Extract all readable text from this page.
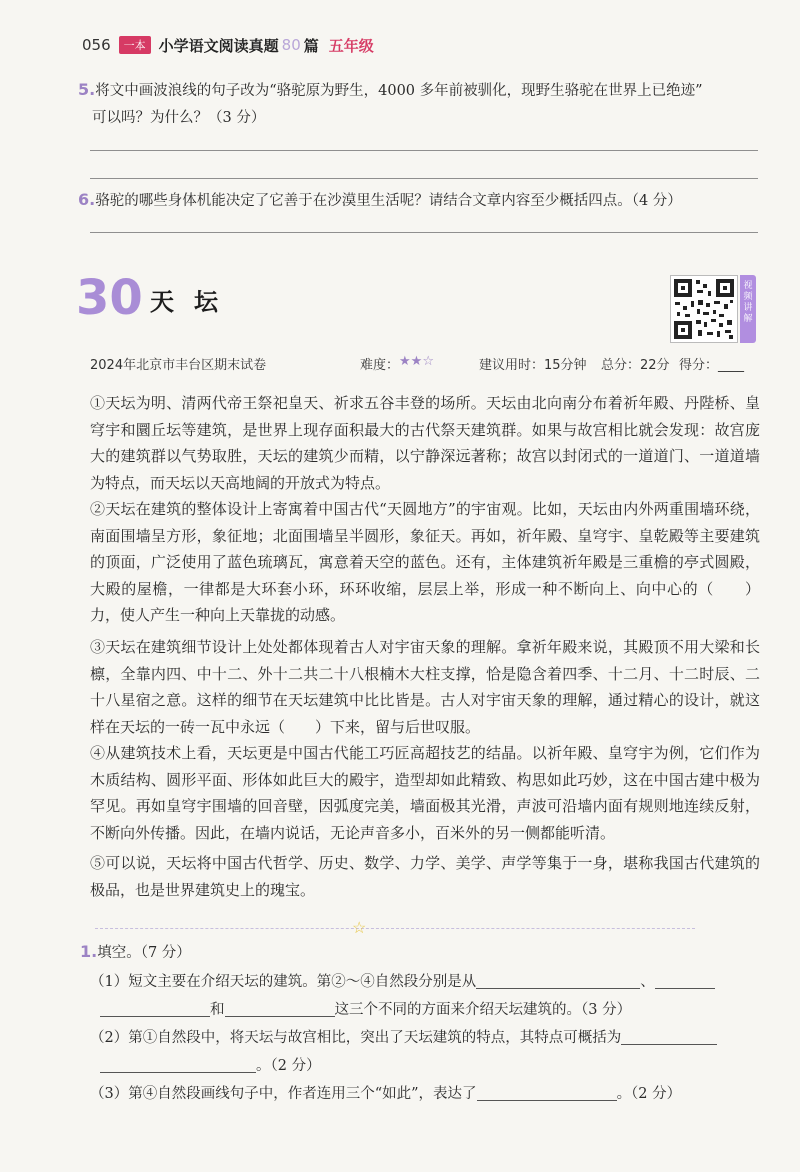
056	一本 小学语文阅读真题 80 篇 五年级
5.将文中画波浪线的句子改为“骆驼原为野生，4000 多年前被驯化，现野生骆驼在世界上已绝迹”
可以吗？为什么？（3 分）
6.骆驼的哪些身体机能决定了它善于在沙漠里生活呢？请结合文章内容至少概括四点。（4 分）
30 天坛
视频讲解
2024年北京市丰台区期末试卷	难度： ★★☆	建议用时：15分钟	总分：22分 得分：____
①天坛为明、清两代帝王祭祀皇天、祈求五谷丰登的场所。天坛由北向南分布着祈年殿、丹陛桥、皇穹宇和圜丘坛等建筑，是世界上现存面积最大的古代祭天建筑群。如果与故宫相比就会发现：故宫庞大的建筑群以气势取胜，天坛的建筑少而精，以宁静深远著称；故宫以封闭式的一道道门、一道道墙为特点，而天坛以天高地阔的开放式为特点。
②天坛在建筑的整体设计上寄寓着中国古代“天圆地方”的宇宙观。比如，天坛由内外两重围墙环绕，南面围墙呈方形，象征地；北面围墙呈半圆形，象征天。再如，祈年殿、皇穹宇、皇乾殿等主要建筑的顶面，广泛使用了蓝色琉璃瓦，寓意着天空的蓝色。还有，主体建筑祈年殿是三重檐的亭式圆殿，大殿的屋檐，一律都是大环套小环，环环收缩，层层上举，形成一种不断向上、向中心的（　　）力，使人产生一种向上天靠拢的动感。
③天坛在建筑细节设计上处处都体现着古人对宇宙天象的理解。拿祈年殿来说，其殿顶不用大梁和长檩，全靠内四、中十二、外十二共二十八根楠木大柱支撑，恰是隐含着四季、十二月、十二时辰、二十八星宿之意。这样的细节在天坛建筑中比比皆是。古人对宇宙天象的理解，通过精心的设计，就这样在天坛的一砖一瓦中永远（　　）下来，留与后世叹服。
④从建筑技术上看，天坛更是中国古代能工巧匠高超技艺的结晶。以祈年殿、皇穹宇为例，它们作为木质结构、圆形平面、形体如此巨大的殿宇，造型却如此精致、构思如此巧妙，这在中国古建中极为罕见。再如皇穹宇围墙的回音壁，因弧度完美，墙面极其光滑，声波可沿墙内面有规则地连续反射，不断向外传播。因此，在墙内说话，无论声音多小，百米外的另一侧都能听清。
⑤可以说，天坛将中国古代哲学、历史、数学、力学、美学、声学等集于一身，堪称我国古代建筑的极品，也是世界建筑史上的瑰宝。
☆
1.填空。（7 分）
（1）短文主要在介绍天坛的建筑。第②～④自然段分别是从	、
和	这三个不同的方面来介绍天坛建筑的。（3 分）
（2）第①自然段中，将天坛与故宫相比，突出了天坛建筑的特点，其特点可概括为
。（2 分）
（3）第④自然段画线句子中，作者连用三个“如此”，表达了	。（2 分）
